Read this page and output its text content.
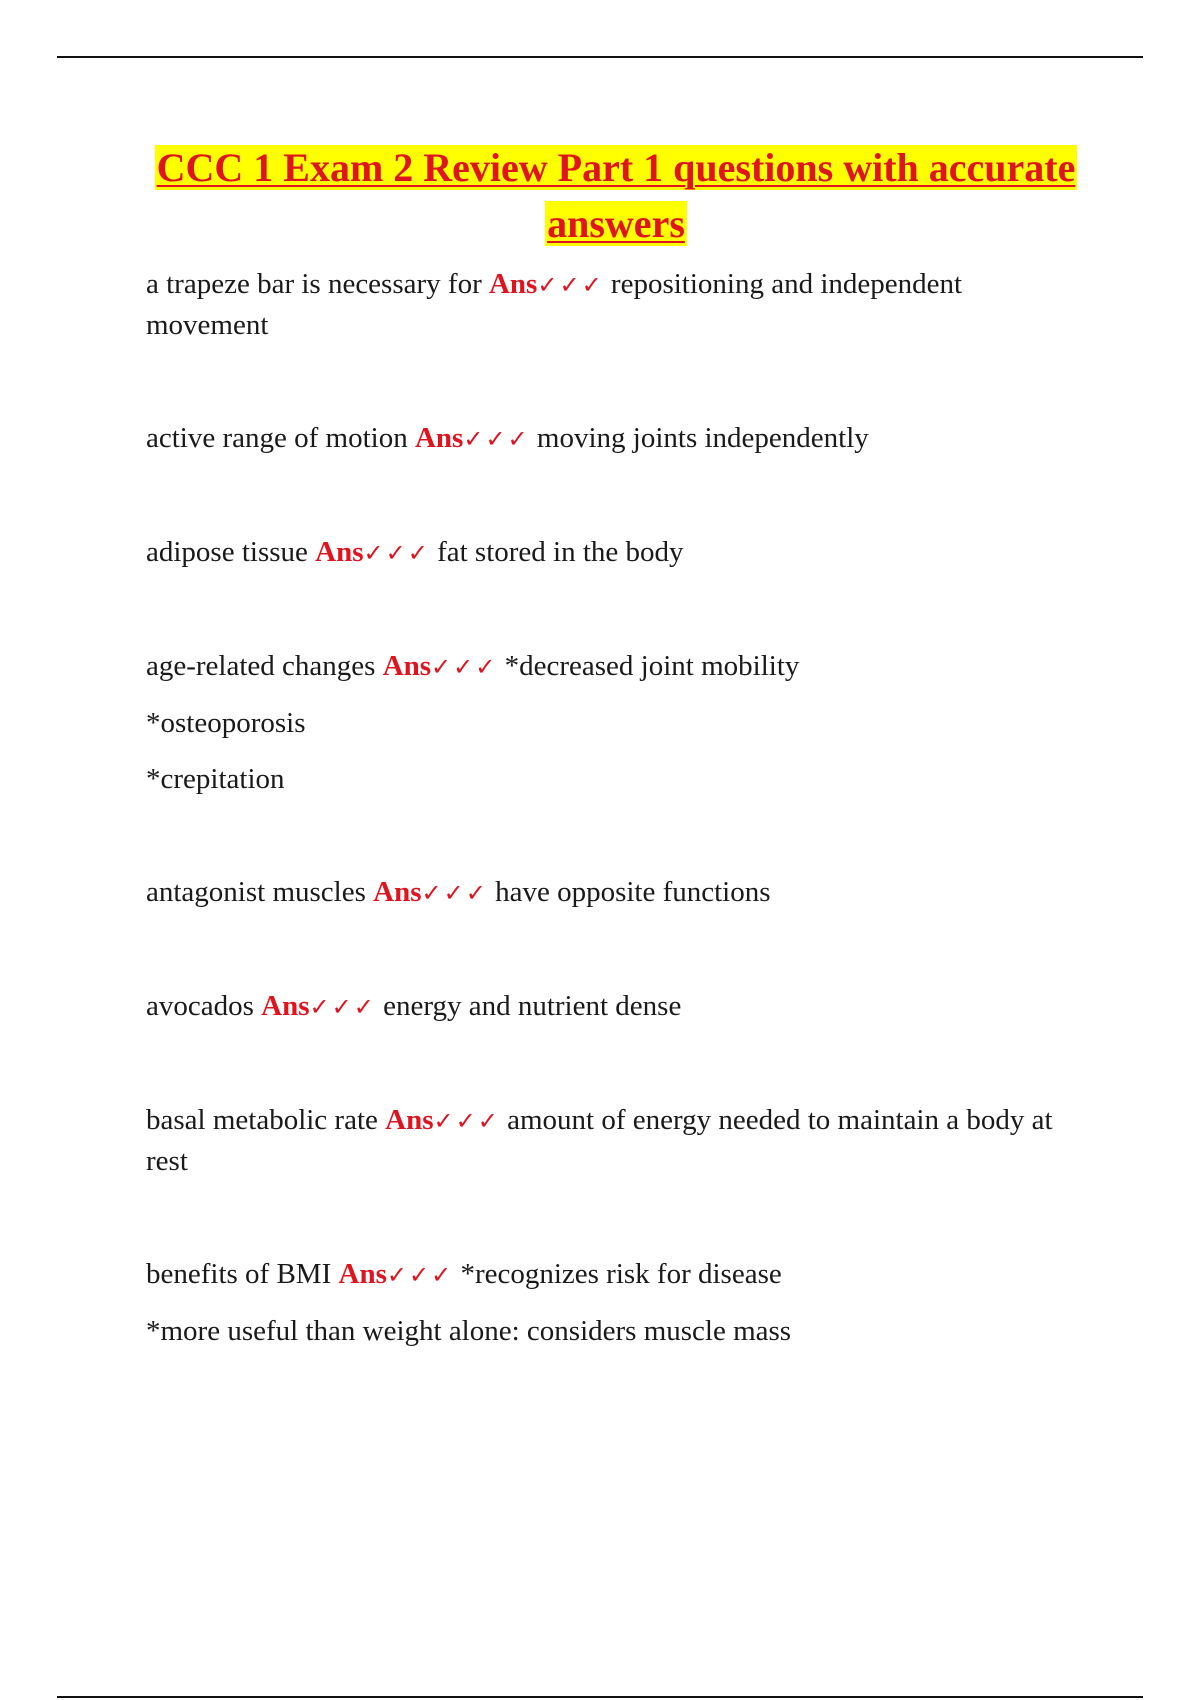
CCC 1 Exam 2 Review Part 1 questions with accurate answers

a trapeze bar is necessary for Ans✓✓✓ repositioning and independent movement

active range of motion Ans✓✓✓ moving joints independently

adipose tissue Ans✓✓✓ fat stored in the body

age-related changes Ans✓✓✓ *decreased joint mobility

*osteoporosis

*crepitation

antagonist muscles Ans✓✓✓ have opposite functions

avocados Ans✓✓✓ energy and nutrient dense

basal metabolic rate Ans✓✓✓ amount of energy needed to maintain a body at rest

benefits of BMI Ans✓✓✓ *recognizes risk for disease

*more useful than weight alone: considers muscle mass
